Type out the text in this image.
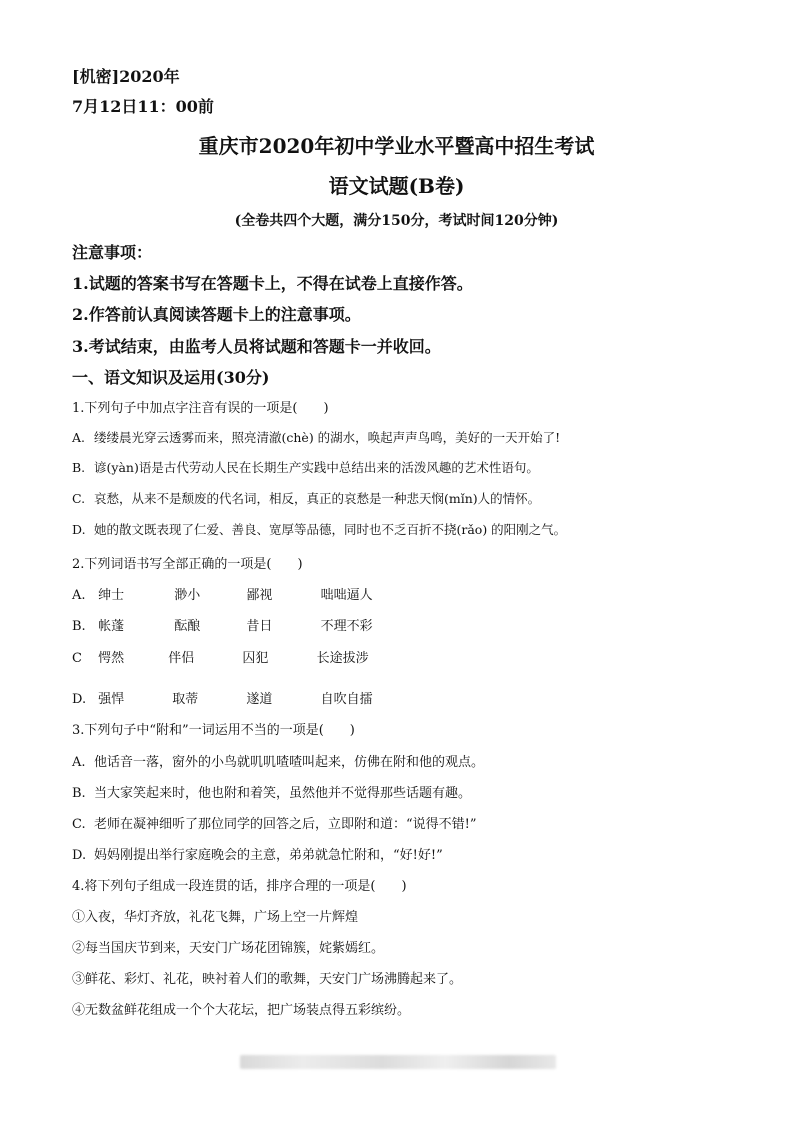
[机密]2020年
7月12日11：00前
重庆市2020年初中学业水平暨高中招生考试
语文试题(B卷)
(全卷共四个大题，满分150分，考试时间120分钟)
注意事项：
1.试题的答案书写在答题卡上，不得在试卷上直接作答。
2.作答前认真阅读答题卡上的注意事项。
3.考试结束，由监考人员将试题和答题卡一并收回。
一、语文知识及运用(30分)
1.下列句子中加点字注音有误的一项是(　　)
A. 缕缕晨光穿云透雾而来，照亮清澈(chè) 的湖水，唤起声声鸟鸣，美好的一天开始了!
B. 谚(yàn)语是古代劳动人民在长期生产实践中总结出来的活泼风趣的艺术性语句。
C. 哀愁，从来不是颓废的代名词，相反，真正的哀愁是一种悲天悯(mǐn)人的情怀。
D. 她的散文既表现了仁爱、善良、宽厚等品德，同时也不乏百折不挠(rǎo) 的阳刚之气。
2.下列词语书写全部正确的一项是(　　)
A. 绅士	渺小	鄙视	咄咄逼人
B. 帐蓬	酝酿	昔日	不理不彩
C 愕然	伴侣	囚犯	长途拔涉
D. 强悍	取蒂	遂道	自吹自擂
3.下列句子中“附和”一词运用不当的一项是(　　)
A. 他话音一落，窗外的小鸟就叽叽喳喳叫起来，仿佛在附和他的观点。
B. 当大家笑起来时，他也附和着笑，虽然他并不觉得那些话题有趣。
C. 老师在凝神细听了那位同学的回答之后，立即附和道：“说得不错!”
D. 妈妈刚提出举行家庭晚会的主意，弟弟就急忙附和，“好!好!”
4.将下列句子组成一段连贯的话，排序合理的一项是(　　)
①入夜，华灯齐放，礼花飞舞，广场上空一片辉煌
②每当国庆节到来，天安门广场花团锦簇，姹紫嫣红。
③鲜花、彩灯、礼花，映衬着人们的歌舞，天安门广场沸腾起来了。
④无数盆鲜花组成一个个大花坛，把广场装点得五彩缤纷。
